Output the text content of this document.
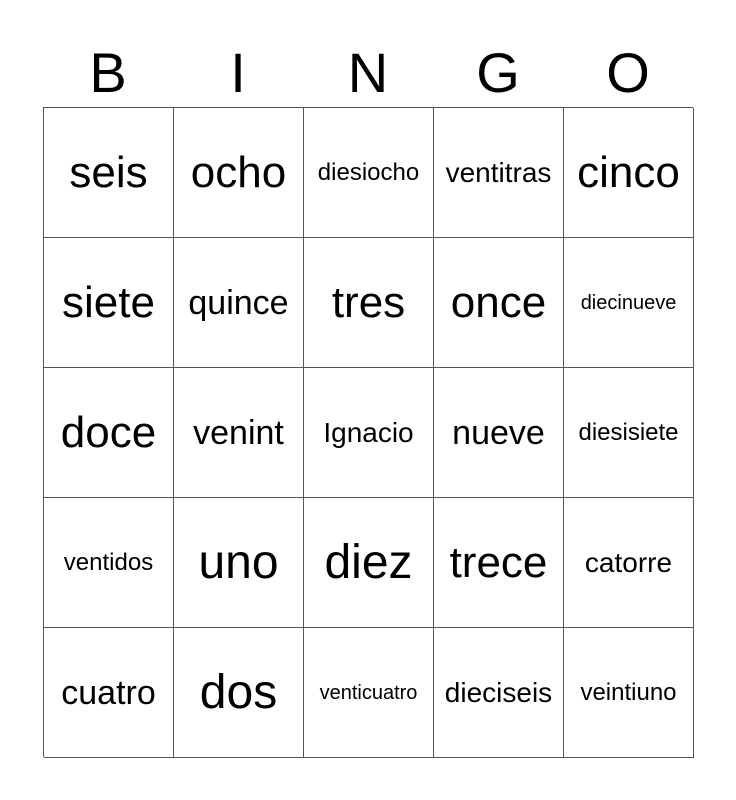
B	I	N	G	O
seis ocho diesiocho ventitras cinco
siete quince tres once diecinueve
doce venint Ignacio nueve diesisiete
ventidos uno diez trece catorre
cuatro dos venticuatro dieciseis veintiuno
